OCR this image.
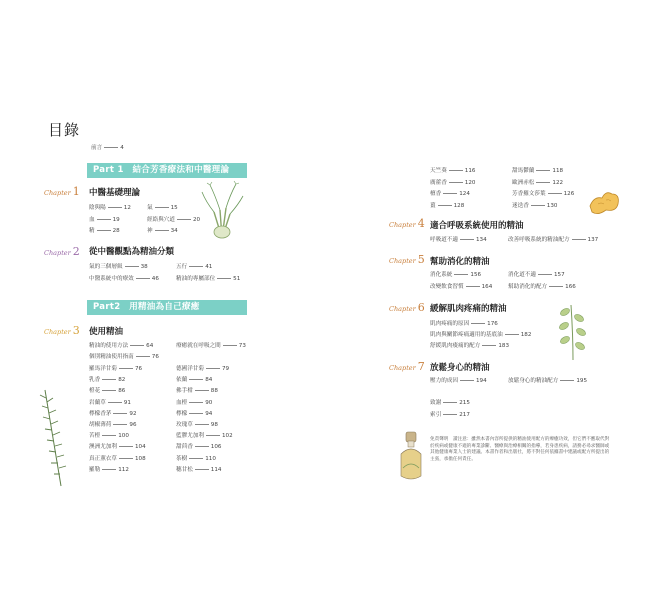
目錄
前言	4
Part 1　結合芳香療法和中醫理論
Chapter 1 中醫基礎理論
Chapter 2 從中醫觀點為精油分類
Part2　用精油為自己療癒
Chapter 3 使用精油
Chapter 4 適合呼吸系統使用的精油
Chapter 5 幫助消化的精油
Chapter 6 緩解肌肉疼痛的精油
Chapter 7 放鬆身心的精油
免責聲明　讀注意：雖然本書內容所提供的精油使用配方的療癒功效，但它們不應取代對於疾病或健康不適的專業診斷、醫療與治療相關的指導，若身患疾病，請務必尋求醫師或其他健康專業人士的建議。本書作者和出版社，將不對任何依據書中建議或配方所提出的主張，承擔任何責任。
陰與陽	12	氣	15
血	19	經絡與穴道	20
精	28	神	34
氣的三個層級	38	五行	41
中醫系統中的療效	46	精油的專屬部位	51
精油的使用方法	64	療癒就在呼吸之間	73
個別精油使用指南	76
羅馬洋甘菊	76	德國洋甘菊	79
乳香	82	依蘭	84
橙花	86	佛手柑	88
岩蘭草	91	血橙	90
檸檬香茅	92	檸檬	94
胡椒薄荷	96	玫瑰草	98
苦橙	100	藍膠尤加利	102
澳洲尤加利	104	甜茴香	106
真正薰衣草	108	茶樹	110
羅勒	112	穗甘松	114
天竺葵	116	甜馬鬱蘭	118
廣藿香	120	歐洲赤松	122
檀香	124	芳香羅文莎葉	126
薑	128	迷迭香	130
呼吸道不適	134	改善呼吸系統的精油配方	137
消化系統	156	消化道不適	157
改變飲食習慣	164	幫助消化的配方	166
肌肉疼痛的原因	176
肌肉與關節疼痛適用的基底油	182
舒緩肌肉痠痛的配方	183
壓力的成因	194	放鬆身心的精油配方	195
致謝	215
索引	217
